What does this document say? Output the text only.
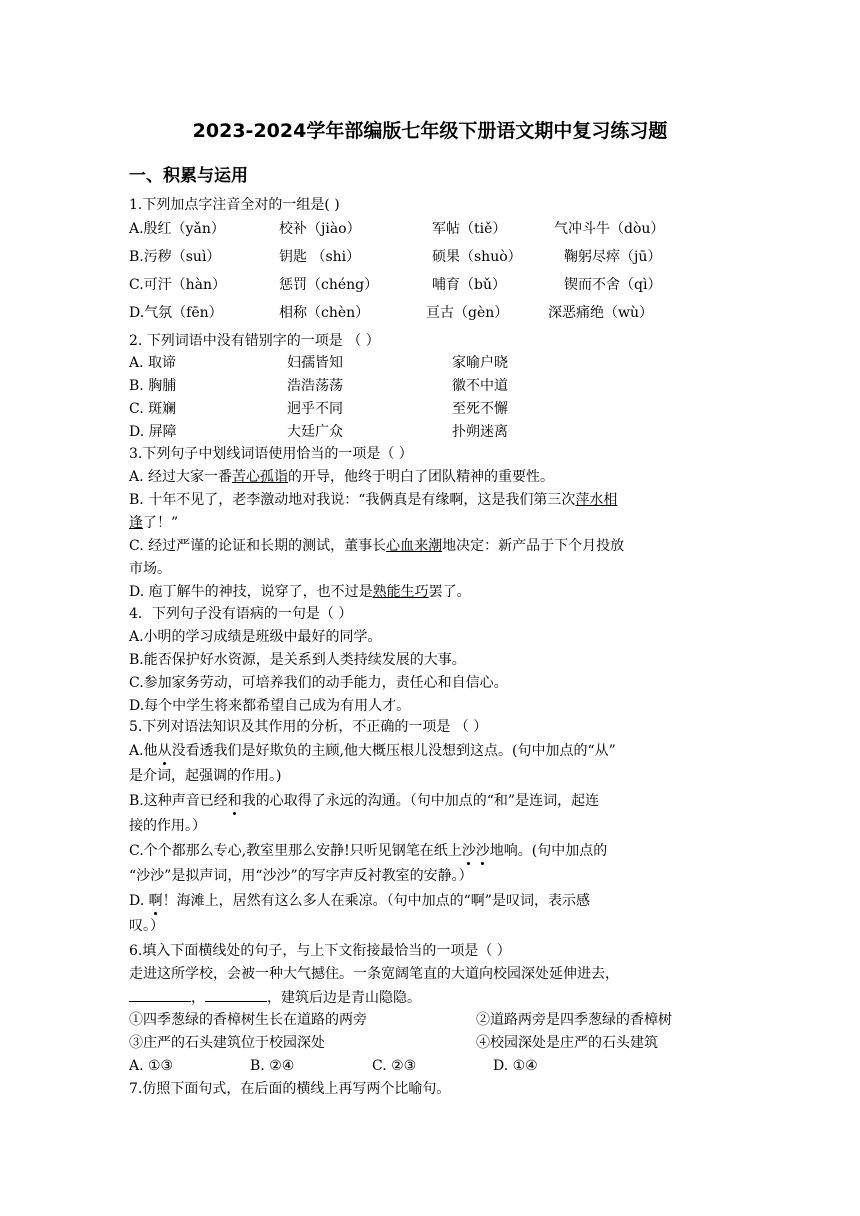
2023-2024学年部编版七年级下册语文期中复习练习题
一、积累与运用
1.下列加点字注音全对的一组是( )
A.殷红（yǎn）	校补（jiào）	军帖（tiě）	气冲斗牛（dòu）
B.污秽（suì）	钥匙 （shi）	硕果（shuò）	鞠躬尽瘁（jū）
C.可汗（hàn）	惩罚（chéng）	哺育（bǔ）	锲而不舍（qì）
D.气氛（fēn）	相称（chèn）	亘古（gèn）	深恶痛绝（wù）
2. 下列词语中没有错别字的一项是 （ ）
A. 取谛	妇孺皆知	家喻户晓
B. 胸脯	浩浩荡荡	徽不中道
C. 斑斓	迥乎不同	至死不懈
D. 屏障	大廷广众	扑朔迷离
3.下列句子中划线词语使用恰当的一项是（ ）
A. 经过大家一番苦心孤诣的开导，他终于明白了团队精神的重要性。
B. 十年不见了，老李激动地对我说：“我俩真是有缘啊，这是我们第三次萍水相
逢了！”
C. 经过严谨的论证和长期的测试，董事长心血来潮地决定：新产品于下个月投放
市场。
D. 庖丁解牛的神技，说穿了，也不过是熟能生巧罢了。
4．下列句子没有语病的一句是（ ）
A.小明的学习成绩是班级中最好的同学。
B.能否保护好水资源，是关系到人类持续发展的大事。
C.参加家务劳动，可培养我们的动手能力，责任心和自信心。
D.每个中学生将来都希望自己成为有用人才。
5.下列对语法知识及其作用的分析，不正确的一项是 （ ）
A.他从没看透我们是好欺负的主顾,他大概压根儿没想到这点。(句中加点的“从”
是介词，起强调的作用。)
B.这种声音已经和我的心取得了永远的沟通。（句中加点的“和”是连词，起连
接的作用。）
C.个个都那么专心,教室里那么安静!只听见钢笔在纸上沙沙地响。(句中加点的
“沙沙”是拟声词，用“沙沙”的写字声反衬教室的安静。）
D. 啊！海滩上，居然有这么多人在乘凉。（句中加点的“啊”是叹词，表示感
叹。）
6.填入下面横线处的句子，与上下文衔接最恰当的一项是（ ）
走进这所学校，会被一种大气撼住。一条宽阔笔直的大道向校园深处延伸进去，
，	，建筑后边是青山隐隐。
①四季葱绿的香樟树生长在道路的两旁	②道路两旁是四季葱绿的香樟树
③庄严的石头建筑位于校园深处	④校园深处是庄严的石头建筑
A. ①③	B. ②④	C. ②③	D. ①④
7.仿照下面句式，在后面的横线上再写两个比喻句。
